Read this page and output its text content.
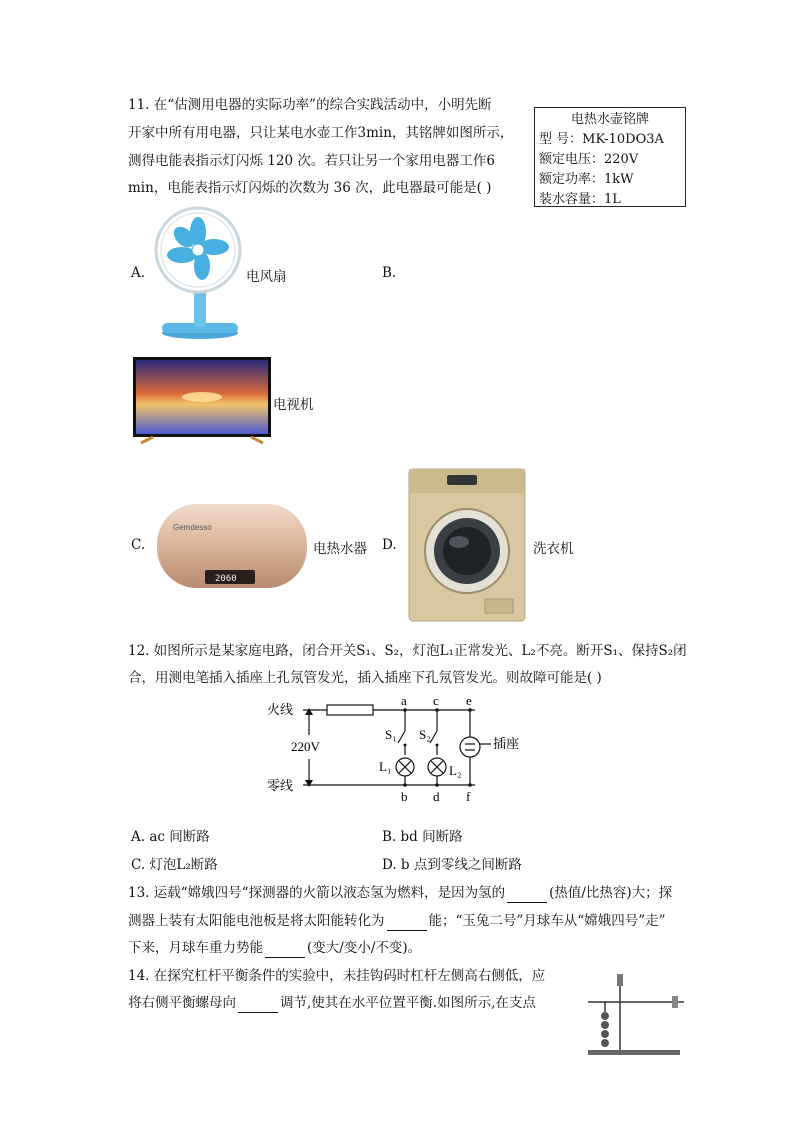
11. 在“估测用电器的实际功率”的综合实践活动中，小明先断
开家中所有用电器，只让某电水壶工作3min，其铭牌如图所示，
测得电能表指示灯闪烁 120 次。若只让另一个家用电器工作6
min，电能表指示灯闪烁的次数为 36 次，此电器最可能是( )
电热水壶铭牌
型 号：MK-10DO3A
额定电压：220V
额定功率：1kW
装水容量：1L
A.	电风扇	B.
电视机
C.
Gemdesso
2060
电热水器 D.	洗衣机
12. 如图所示是某家庭电路，闭合开关S₁、S₂，灯泡L₁正常发光、L₂不亮。断开S₁、保持S₂闭
合，用测电笔插入插座上孔氖管发光，插入插座下孔氖管发光。则故障可能是( )
火线
零线
220V	插座
a c e
b d f
S₁ S₂
L₁	L₂
A. ac 间断路	B. bd 间断路
C. 灯泡L₂断路	D. b 点到零线之间断路
13. 运载“嫦娥四号“探测器的火箭以液态氢为燃料，是因为氢的	(热值/比热容)大；探
测器上装有太阳能电池板是将太阳能转化为	能；“玉兔二号”月球车从“嫦娥四号”走”
下来，月球车重力势能	(变大/变小/不变)。
14. 在探究杠杆平衡条件的实验中，未挂钩码时杠杆左侧高右侧低，应
将右侧平衡螺母向	调节,使其在水平位置平衡.如图所示,在支点
